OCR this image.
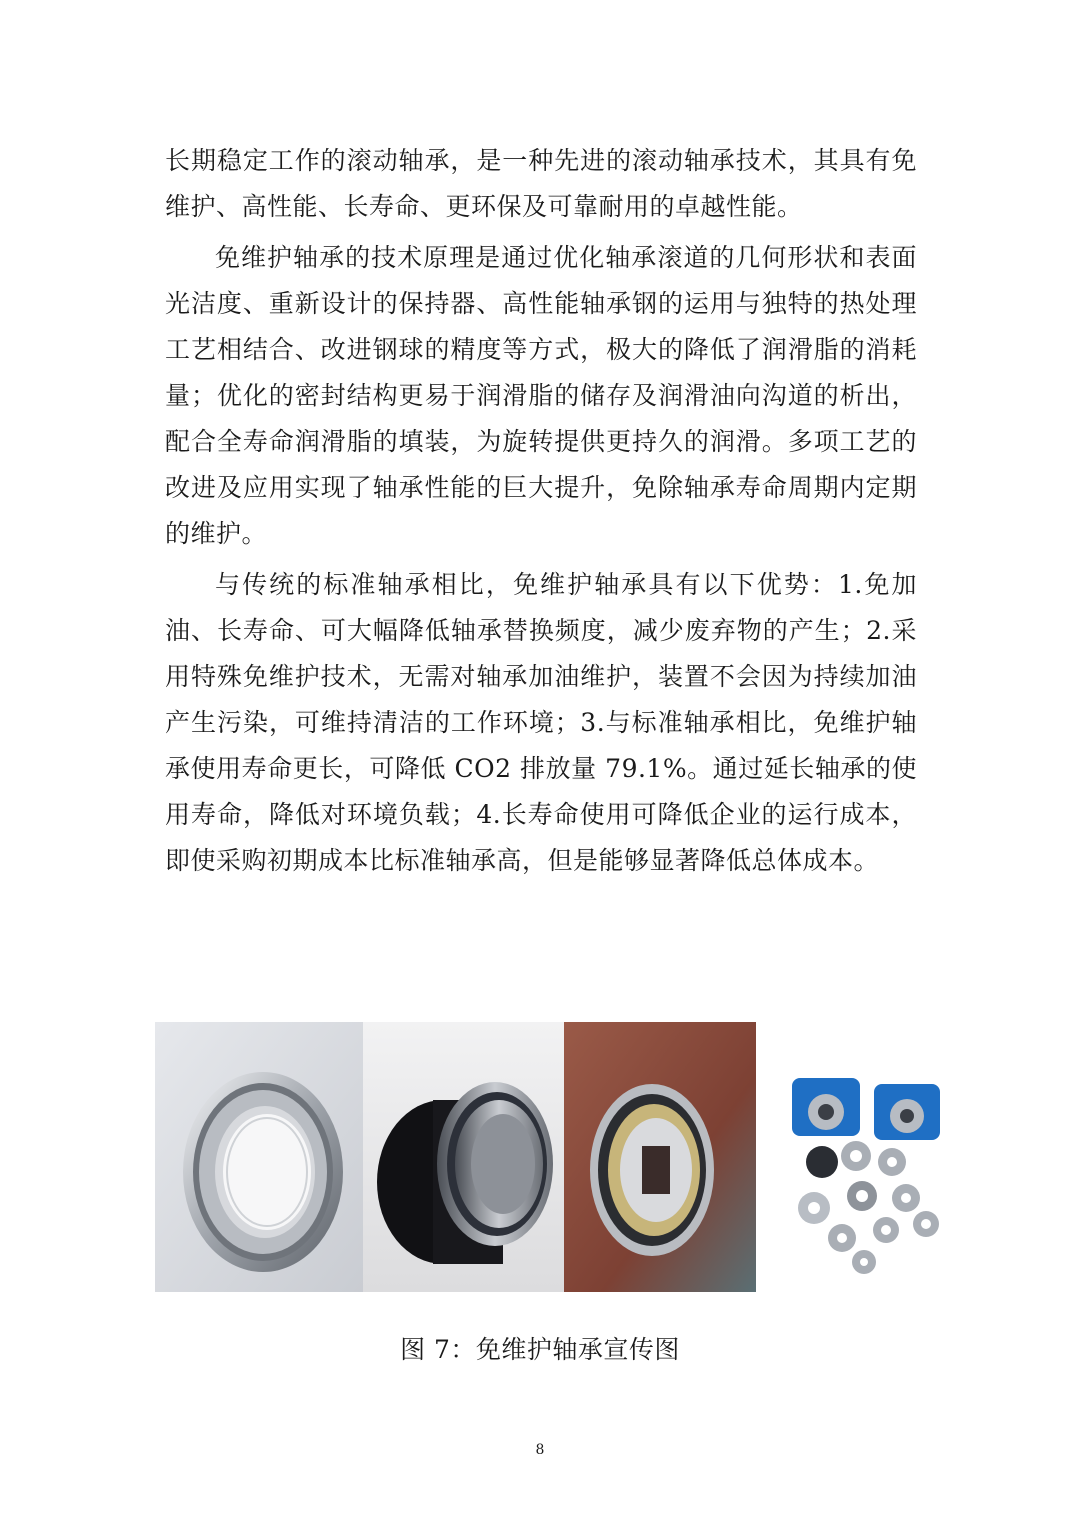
长期稳定工作的滚动轴承，是一种先进的滚动轴承技术，其具有免维护、高性能、长寿命、更环保及可靠耐用的卓越性能。

免维护轴承的技术原理是通过优化轴承滚道的几何形状和表面光洁度、重新设计的保持器、高性能轴承钢的运用与独特的热处理工艺相结合、改进钢球的精度等方式，极大的降低了润滑脂的消耗量；优化的密封结构更易于润滑脂的储存及润滑油向沟道的析出，配合全寿命润滑脂的填装，为旋转提供更持久的润滑。多项工艺的改进及应用实现了轴承性能的巨大提升，免除轴承寿命周期内定期的维护。

与传统的标准轴承相比，免维护轴承具有以下优势：1.免加油、长寿命、可大幅降低轴承替换频度，减少废弃物的产生；2.采用特殊免维护技术，无需对轴承加油维护，装置不会因为持续加油产生污染，可维持清洁的工作环境；3.与标准轴承相比，免维护轴承使用寿命更长，可降低 CO2 排放量 79.1%。通过延长轴承的使用寿命，降低对环境负载；4.长寿命使用可降低企业的运行成本，即使采购初期成本比标准轴承高，但是能够显著降低总体成本。

图 7：免维护轴承宣传图

8
